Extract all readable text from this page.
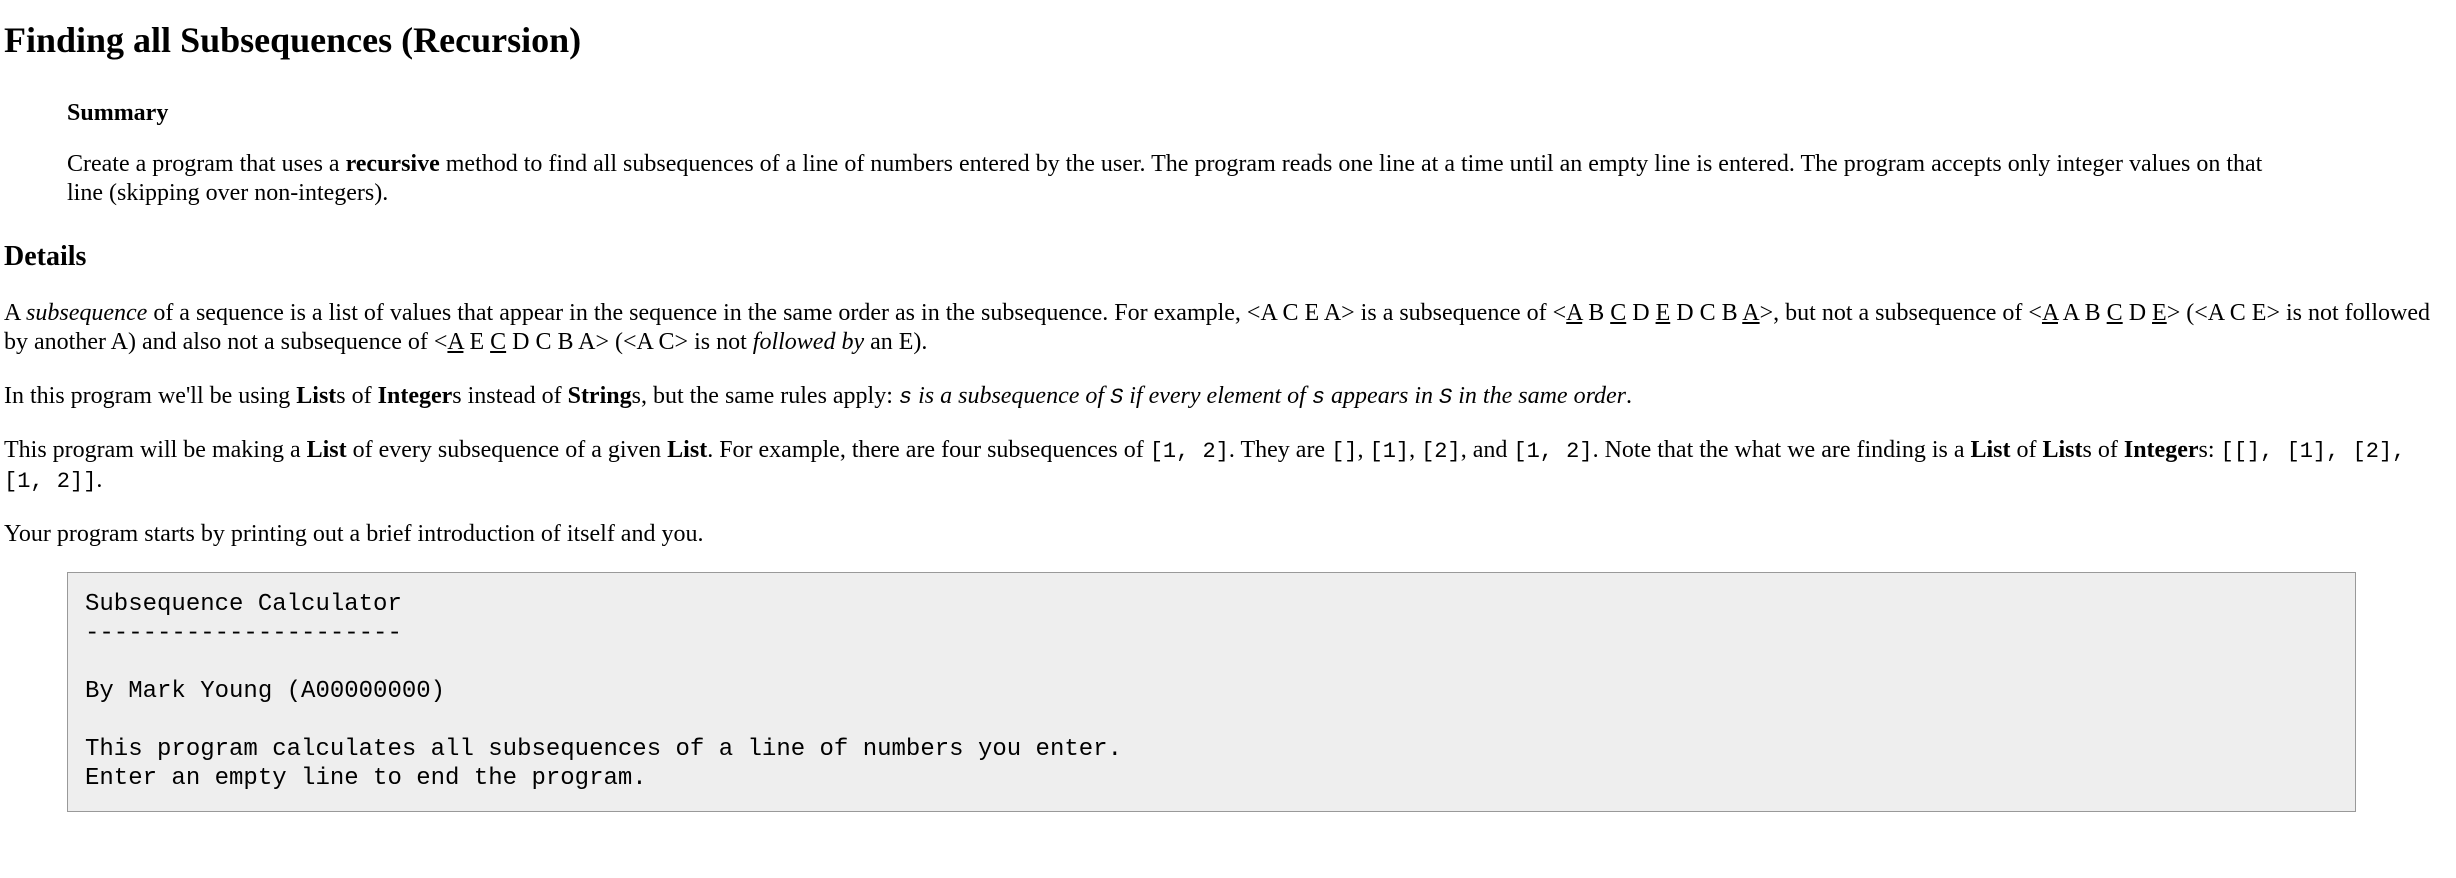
Finding all Subsequences (Recursion)
Summary

Create a program that uses a recursive method to find all subsequences of a line of numbers entered by the user. The program reads one line at a time until an empty line is entered. The program accepts only integer values on that line (skipping over non-integers).

Details

A subsequence of a sequence is a list of values that appear in the sequence in the same order as in the subsequence. For example, <A C E A> is a subsequence of <A B C D E D C B A>, but not a subsequence of <A A B C D E> (<A C E> is not followed by another A) and also not a subsequence of <A E C D C B A> (<A C> is not followed by an E).

In this program we'll be using Lists of Integers instead of Strings, but the same rules apply: s is a subsequence of S if every element of s appears in S in the same order.

This program will be making a List of every subsequence of a given List. For example, there are four subsequences of [1, 2]. They are [], [1], [2], and [1, 2]. Note that the what we are finding is a List of Lists of Integers: [[], [1], [2], [1, 2]].

Your program starts by printing out a brief introduction of itself and you.

Subsequence Calculator
----------------------
By Mark Young (A00000000)
This program calculates all subsequences of a line of numbers you enter.
Enter an empty line to end the program.
